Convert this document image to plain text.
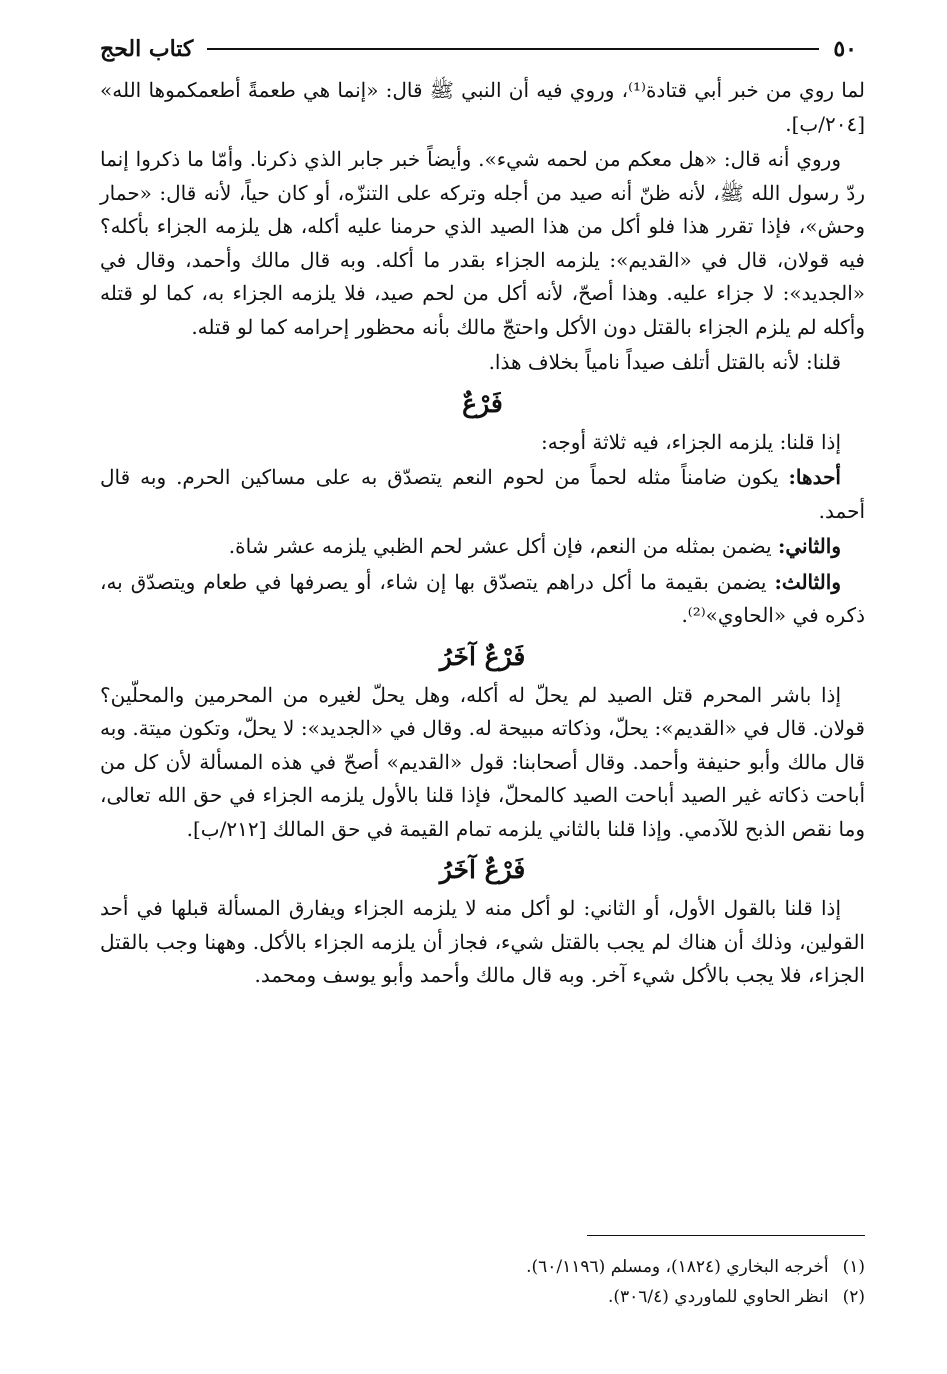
٥٠
كتاب الحج

لما روي من خبر أبي قتادة⁽¹⁾، وروي فيه أن النبي ﷺ قال: «إنما هي طعمةً أطعمكموها الله» [٢٠٤/ب].

وروي أنه قال: «هل معكم من لحمه شيء». وأيضاً خبر جابر الذي ذكرنا. وأمّا ما ذكروا إنما ردّ رسول الله ﷺ، لأنه ظنّ أنه صيد من أجله وتركه على التنزّه، أو كان حياً، لأنه قال: «حمار وحش»، فإذا تقرر هذا فلو أكل من هذا الصيد الذي حرمنا عليه أكله، هل يلزمه الجزاء بأكله؟ فيه قولان، قال في «القديم»: يلزمه الجزاء بقدر ما أكله. وبه قال مالك وأحمد، وقال في «الجديد»: لا جزاء عليه. وهذا أصحّ، لأنه أكل من لحم صيد، فلا يلزمه الجزاء به، كما لو قتله وأكله لم يلزم الجزاء بالقتل دون الأكل واحتجّ مالك بأنه محظور إحرامه كما لو قتله.

قلنا: لأنه بالقتل أتلف صيداً نامياً بخلاف هذا.

فَرْعٌ

إذا قلنا: يلزمه الجزاء، فيه ثلاثة أوجه:

أحدها: يكون ضامناً مثله لحماً من لحوم النعم يتصدّق به على مساكين الحرم. وبه قال أحمد.

والثاني: يضمن بمثله من النعم، فإن أكل عشر لحم الظبي يلزمه عشر شاة.

والثالث: يضمن بقيمة ما أكل دراهم يتصدّق بها إن شاء، أو يصرفها في طعام ويتصدّق به، ذكره في «الحاوي»⁽²⁾.

فَرْعٌ آخَرُ

إذا باشر المحرم قتل الصيد لم يحلّ له أكله، وهل يحلّ لغيره من المحرمين والمحلّين؟ قولان. قال في «القديم»: يحلّ، وذكاته مبيحة له. وقال في «الجديد»: لا يحلّ، وتكون ميتة. وبه قال مالك وأبو حنيفة وأحمد. وقال أصحابنا: قول «القديم» أصحّ في هذه المسألة لأن كل من أباحت ذكاته غير الصيد أباحت الصيد كالمحلّ، فإذا قلنا بالأول يلزمه الجزاء في حق الله تعالى، وما نقص الذبح للآدمي. وإذا قلنا بالثاني يلزمه تمام القيمة في حق المالك [٢١٢/ب].

فَرْعٌ آخَرُ

إذا قلنا بالقول الأول، أو الثاني: لو أكل منه لا يلزمه الجزاء ويفارق المسألة قبلها في أحد القولين، وذلك أن هناك لم يجب بالقتل شيء، فجاز أن يلزمه الجزاء بالأكل. وههنا وجب بالقتل الجزاء، فلا يجب بالأكل شيء آخر. وبه قال مالك وأحمد وأبو يوسف ومحمد.

(١)أخرجه البخاري (١٨٢٤)، ومسلم (٦٠/١١٩٦).

(٢)انظر الحاوي للماوردي (٣٠٦/٤).
